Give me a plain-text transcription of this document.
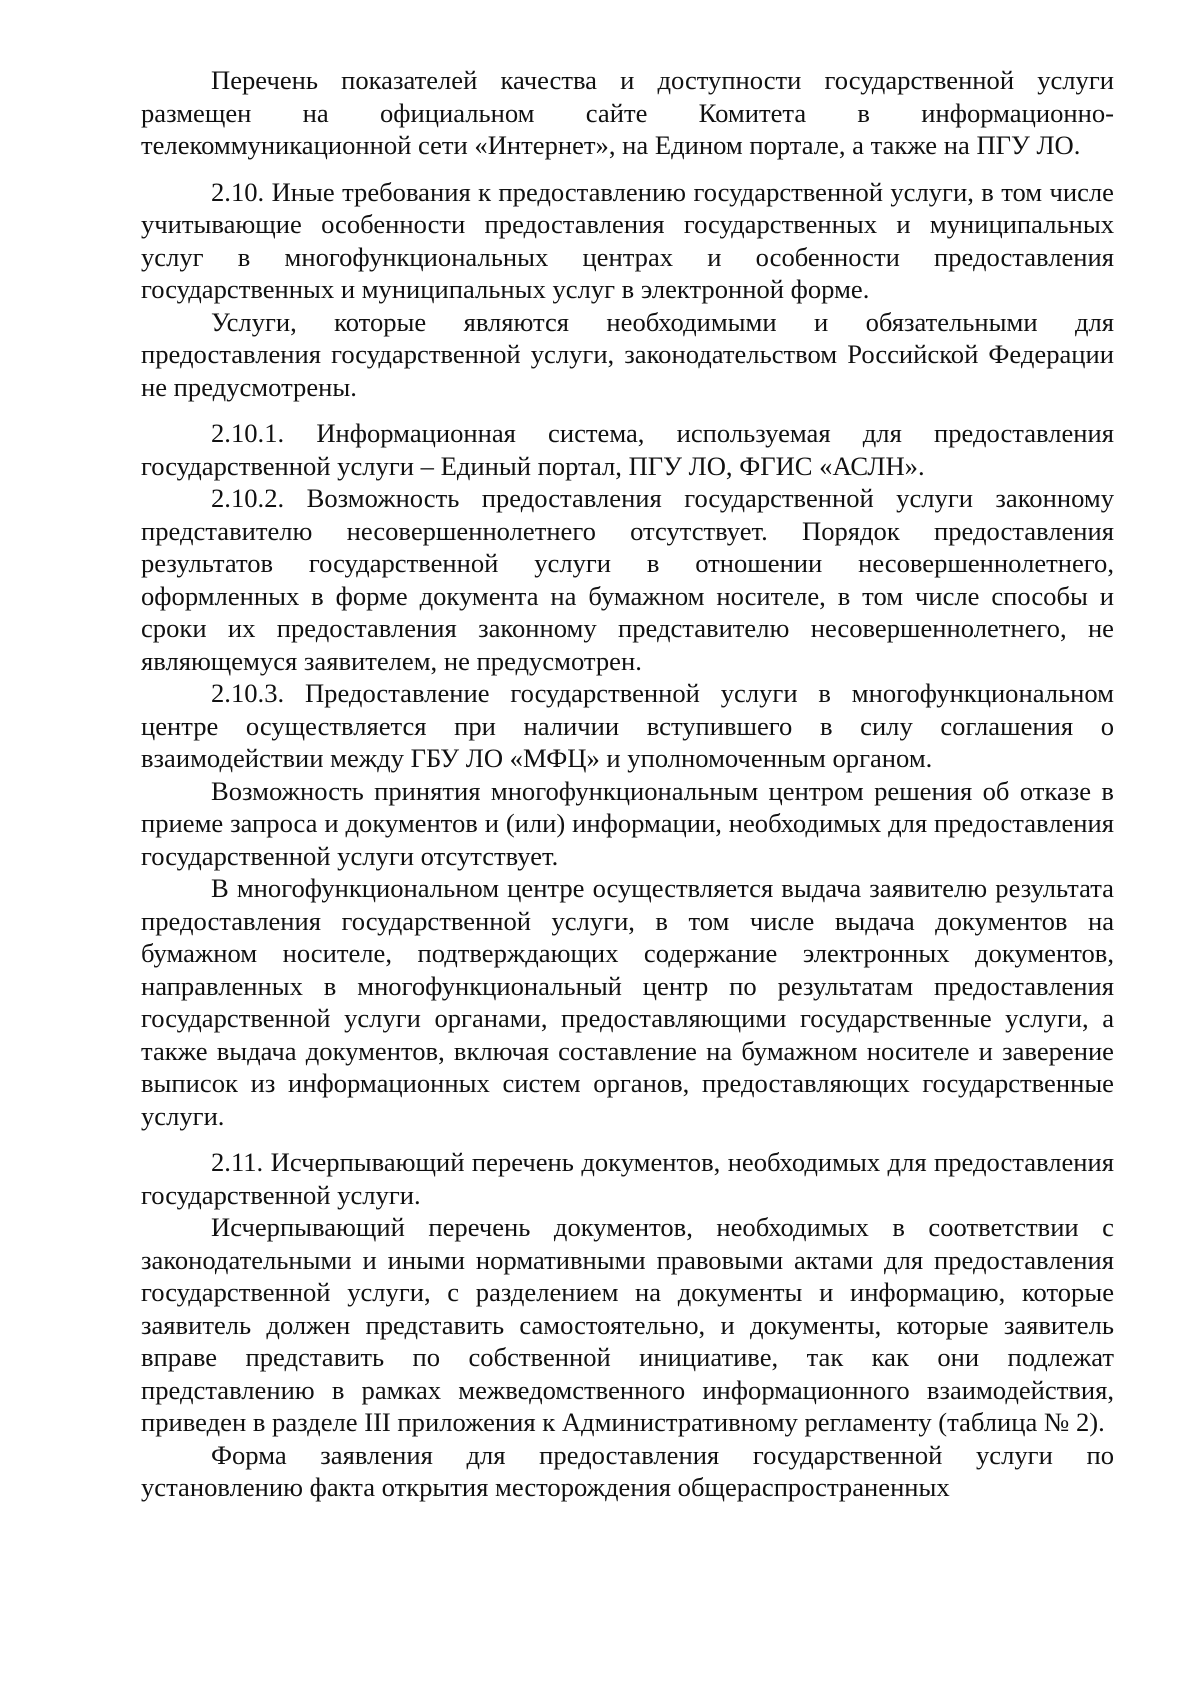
Перечень показателей качества и доступности государственной услуги размещен на официальном сайте Комитета в информационно-телекоммуникационной сети «Интернет», на Едином портале, а также на ПГУ ЛО.

2.10. Иные требования к предоставлению государственной услуги, в том числе учитывающие особенности предоставления государственных и муниципальных услуг в многофункциональных центрах и особенности предоставления государственных и муниципальных услуг в электронной форме.

Услуги, которые являются необходимыми и обязательными для предоставления государственной услуги, законодательством Российской Федерации не предусмотрены.

2.10.1. Информационная система, используемая для предоставления государственной услуги – Единый портал, ПГУ ЛО, ФГИС «АСЛН».

2.10.2. Возможность предоставления государственной услуги законному представителю несовершеннолетнего отсутствует. Порядок предоставления результатов государственной услуги в отношении несовершеннолетнего, оформленных в форме документа на бумажном носителе, в том числе способы и сроки их предоставления законному представителю несовершеннолетнего, не являющемуся заявителем, не предусмотрен.

2.10.3. Предоставление государственной услуги в многофункциональном центре осуществляется при наличии вступившего в силу соглашения о взаимодействии между ГБУ ЛО «МФЦ» и уполномоченным органом.

Возможность принятия многофункциональным центром решения об отказе в приеме запроса и документов и (или) информации, необходимых для предоставления государственной услуги отсутствует.

В многофункциональном центре осуществляется выдача заявителю результата предоставления государственной услуги, в том числе выдача документов на бумажном носителе, подтверждающих содержание электронных документов, направленных в многофункциональный центр по результатам предоставления государственной услуги органами, предоставляющими государственные услуги, а также выдача документов, включая составление на бумажном носителе и заверение выписок из информационных систем органов, предоставляющих государственные услуги.

2.11. Исчерпывающий перечень документов, необходимых для предоставления государственной услуги.

Исчерпывающий перечень документов, необходимых в соответствии с законодательными и иными нормативными правовыми актами для предоставления государственной услуги, с разделением на документы и информацию, которые заявитель должен представить самостоятельно, и документы, которые заявитель вправе представить по собственной инициативе, так как они подлежат представлению в рамках межведомственного информационного взаимодействия, приведен в разделе III приложения к Административному регламенту (таблица № 2).

Форма заявления для предоставления государственной услуги по установлению факта открытия месторождения общераспространенных
